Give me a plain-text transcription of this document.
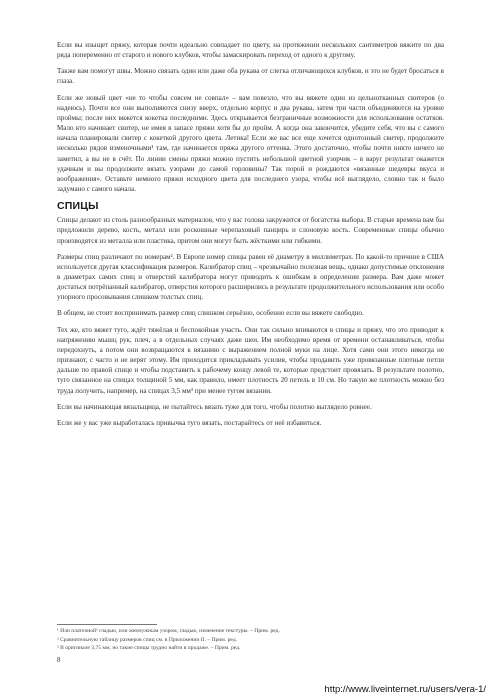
Если вы изыщет пряжу, которая почти идеально совпадает по цвету, на протяжении нескольких сантиметров вяжите по два ряда попеременно от старого и нового клубков, чтобы замаскировать переход от одного к другому.

Также вам помогут швы. Можно связать один или даже оба рукава от слегка отличающихся клубков, и это не будет бросаться в глаза.

Если же новый цвет «не то чтобы совсем не совпал» – вам повезло, что вы вяжете один из цельнотканных свитеров (о надеюсь). Почти все они выполняются снизу вверх, отдельно корпус и два рукава, затем три части объединяются на уровне проймы; после них вяжется кокетка последними. Здесь открывается безграничные возможности для использования остатков. Мало кто начинает свитер, не имея в запасе пряжи хотя бы до пройм. А когда она закончится, убедите себя, что вы с самого начала планировали свитер с кокеткой другого цвета. Летика! Если же вас все еще хочется однотонный свитер, продолжите несколько рядов изменочными¹ там, где начинается пряжа другого оттенка. Этого достаточно, чтобы почти никто ничего не заметил, а вы не в счёт. По линии смены пряжи можно пустить небольшой цветной узорчик – в варуг результат окажется удачным и вы продолжите вязать узорами до самой горловины? Так порой и рождаются «вязанные шедевры вкуса и воображения». Оставьте немного пряжи исходного цвета для последнего узора, чтобы всё выглядело, словно так и было задумано с самого начала.

СПИЦЫ

Спицы делают из столь разнообразных материалов, что у вас голова закружится от богатства выбора. В старые времена вам бы предложили дерево, кость, металл или роскошные черепаховый панцирь и слоновую кость. Современные спицы обычно производятся из металла или пластика, притом они могут быть жёсткими или гибкими.

Размеры спиц различают по номерам². В Европе номер спицы равен её диаметру в миллиметрах. По какой-то причине в США используется другая классификация размеров. Калибратор спиц – чрезвычайно полезная вещь, однако допустимые отклонения в диаметрах самих спиц и отверстий калибратора могут приводить к ошибкам в определении размера. Вам даже может достаться потрёпанный калибратор, отверстия которого расширились в результате продолжительного использования или особо упорного просовывания слишком толстых спиц.

В общем, не стоит воспринимать размер спиц слишком серьёзно, особенно если вы вяжете свободно.

Тех же, кто вяжет туго, ждёт тяжёлая и беспокойная участь. Они так сильно впиваются в спицы и пряжу, что это приводит к напряжению мышц рук, плеч, а в отдельных случаях даже шеи. Им необходимо время от времени останавливаться, чтобы передохнуть, а потом они возвращаются к вязанию с выражением полной муки на лице. Хотя сами они этого никогда не признают, с часто и не верят этому. Им приходится прикладывать усилия, чтобы продавить уже провязанные плотные петли дальше по правой спице и чтобы подставить к рабочему концу левой те, которые предстоит провязать. В результате полотно, туго связанное на спицах толщиной 5 мм, как правило, имеет плотность 20 петель в 10 см. Но такую же плотность можно без труда получить, например, на спицах 3,5 мм³ при менее тугом вязании.

Если вы начинающая вязальщица, не пытайтесь вязать туже для того, чтобы полотно выглядело ровнее.

Если же у вас уже выработалась привычка туго вязать, постарайтесь от неё избавиться.

¹ Или платочной² гладью, или жемчужным узором, гладью, изменение текстуры. – Прим. ред.

² Сравнительную таблицу размеров спиц см. в Приложении II. – Прим. ред.

³ В оригинале 3,75 мм, но такие спицы трудно найти в продаже. – Прим. ред.

8
http://www.liveinternet.ru/users/vera-1/
